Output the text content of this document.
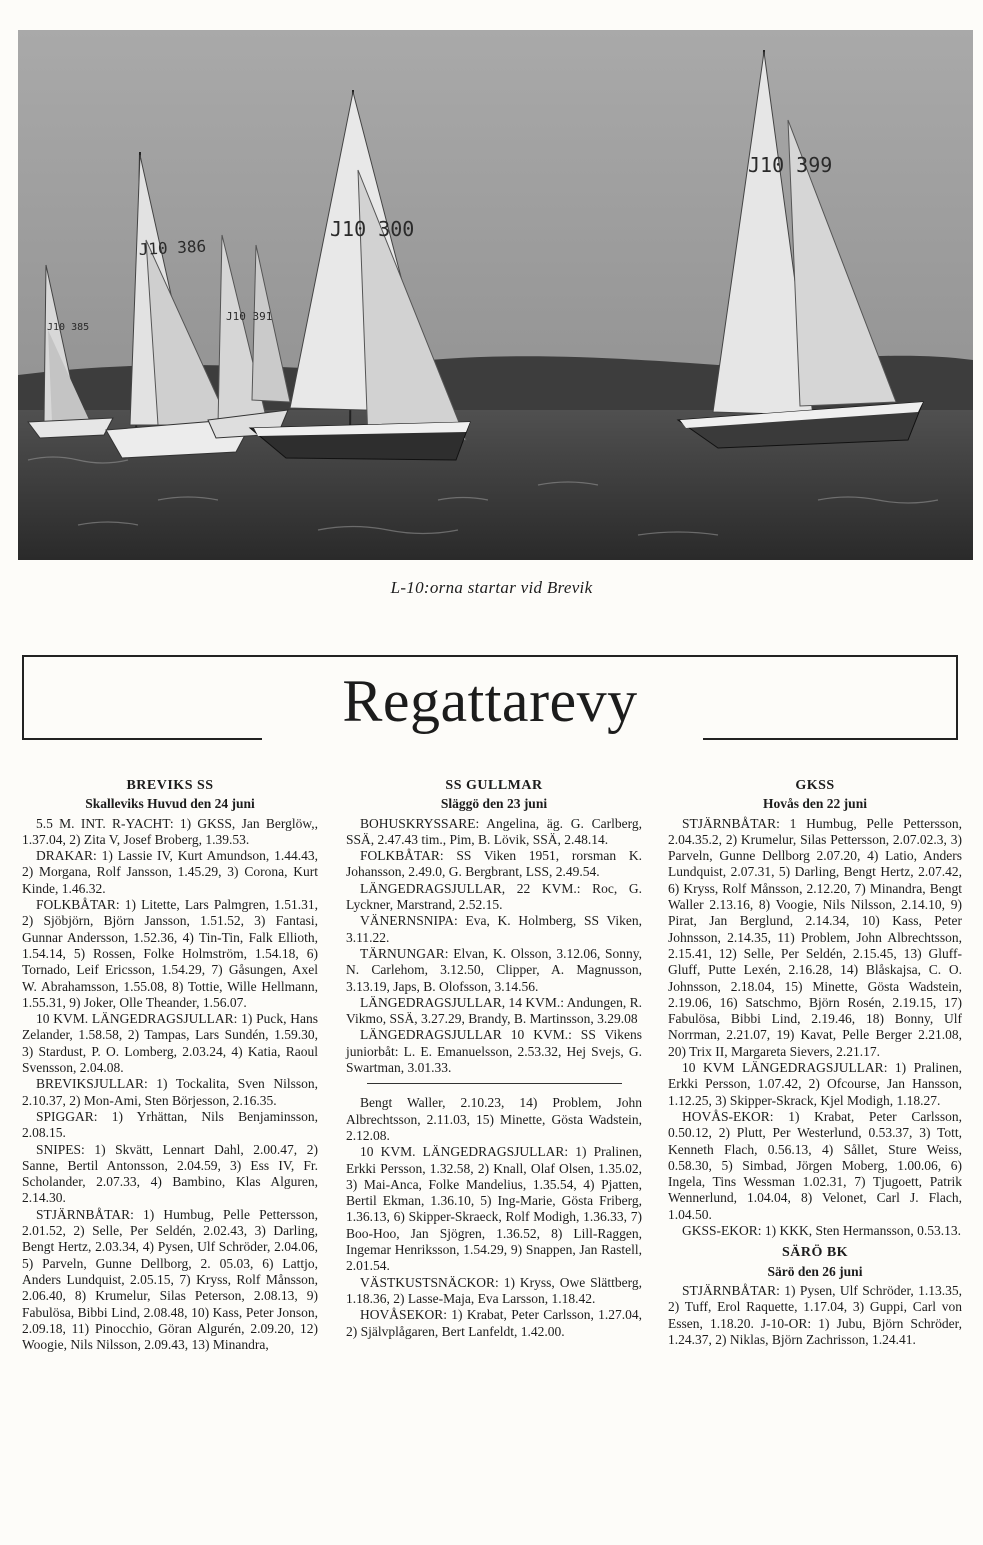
J10 386
J10 300
J10 391
J10 399
J10 385
L-10:orna startar vid Brevik
Regattarevy
BREVIKS SS
Skalleviks Huvud den 24 juni

5.5 M. INT. R-YACHT: 1) GKSS, Jan Berglöw,, 1.37.04, 2) Zita V, Josef Broberg, 1.39.53.

DRAKAR: 1) Lassie IV, Kurt Amundson, 1.44.43, 2) Morgana, Rolf Jansson, 1.45.29, 3) Corona, Kurt Kinde, 1.46.32.

FOLKBÅTAR: 1) Litette, Lars Palmgren, 1.51.31, 2) Sjöbjörn, Björn Jansson, 1.51.52, 3) Fantasi, Gunnar Andersson, 1.52.36, 4) Tin-Tin, Falk Ellioth, 1.54.14, 5) Rossen, Folke Holmström, 1.54.18, 6) Tornado, Leif Ericsson, 1.54.29, 7) Gåsungen, Axel W. Abrahamsson, 1.55.08, 8) Tottie, Wille Hellmann, 1.55.31, 9) Joker, Olle Theander, 1.56.07.

10 KVM. LÄNGEDRAGSJULLAR: 1) Puck, Hans Zelander, 1.58.58, 2) Tampas, Lars Sundén, 1.59.30, 3) Stardust, P. O. Lomberg, 2.03.24, 4) Katia, Raoul Svensson, 2.04.08.

BREVIKSJULLAR: 1) Tockalita, Sven Nilsson, 2.10.37, 2) Mon-Ami, Sten Börjesson, 2.16.35.

SPIGGAR: 1) Yrhättan, Nils Benjaminsson, 2.08.15.

SNIPES: 1) Skvätt, Lennart Dahl, 2.00.47, 2) Sanne, Bertil Antonsson, 2.04.59, 3) Ess IV, Fr. Scholander, 2.07.33, 4) Bambino, Klas Alguren, 2.14.30.

STJÄRNBÅTAR: 1) Humbug, Pelle Pettersson, 2.01.52, 2) Selle, Per Seldén, 2.02.43, 3) Darling, Bengt Hertz, 2.03.34, 4) Pysen, Ulf Schröder, 2.04.06, 5) Parveln, Gunne Dellborg, 2. 05.03, 6) Lattjo, Anders Lundquist, 2.05.15, 7) Kryss, Rolf Månsson, 2.06.40, 8) Krumelur, Silas Peterson, 2.08.13, 9) Fabulösa, Bibbi Lind, 2.08.48, 10) Kass, Peter Jonson, 2.09.18, 11) Pinocchio, Göran Algurén, 2.09.20, 12) Woogie, Nils Nilsson, 2.09.43, 13) Minandra,

SS GULLMAR
Släggö den 23 juni

BOHUSKRYSSARE: Angelina, äg. G. Carlberg, SSÄ, 2.47.43 tim., Pim, B. Lövik, SSÄ, 2.48.14.

FOLKBÅTAR: SS Viken 1951, rorsman K. Johansson, 2.49.0, G. Bergbrant, LSS, 2.49.54.

LÄNGEDRAGSJULLAR, 22 KVM.: Roc, G. Lyckner, Marstrand, 2.52.15.

VÄNERNSNIPA: Eva, K. Holmberg, SS Viken, 3.11.22.

TÄRNUNGAR: Elvan, K. Olsson, 3.12.06, Sonny, N. Carlehom, 3.12.50, Clipper, A. Magnusson, 3.13.19, Japs, B. Olofsson, 3.14.56.

LÄNGEDRAGSJULLAR, 14 KVM.: Andungen, R. Vikmo, SSÄ, 3.27.29, Brandy, B. Martinsson, 3.29.08

LÄNGEDRAGSJULLAR 10 KVM.: SS Vikens juniorbåt: L. E. Emanuelsson, 2.53.32, Hej Svejs, G. Swartman, 3.01.33.

Bengt Waller, 2.10.23, 14) Problem, John Albrechtsson, 2.11.03, 15) Minette, Gösta Wadstein, 2.12.08.

10 KVM. LÄNGEDRAGSJULLAR: 1) Pralinen, Erkki Persson, 1.32.58, 2) Knall, Olaf Olsen, 1.35.02, 3) Mai-Anca, Folke Mandelius, 1.35.54, 4) Pjatten, Bertil Ekman, 1.36.10, 5) Ing-Marie, Gösta Friberg, 1.36.13, 6) Skipper-Skraeck, Rolf Modigh, 1.36.33, 7) Boo-Hoo, Jan Sjögren, 1.36.52, 8) Lill-Raggen, Ingemar Henriksson, 1.54.29, 9) Snappen, Jan Rastell, 2.01.54.

VÄSTKUSTSNÄCKOR: 1) Kryss, Owe Slättberg, 1.18.36, 2) Lasse-Maja, Eva Larsson, 1.18.42.

HOVÅSEKOR: 1) Krabat, Peter Carlsson, 1.27.04, 2) Självplågaren, Bert Lanfeldt, 1.42.00.

GKSS
Hovås den 22 juni

STJÄRNBÅTAR: 1 Humbug, Pelle Pettersson, 2.04.35.2, 2) Krumelur, Silas Pettersson, 2.07.02.3, 3) Parveln, Gunne Dellborg 2.07.20, 4) Latio, Anders Lundquist, 2.07.31, 5) Darling, Bengt Hertz, 2.07.42, 6) Kryss, Rolf Månsson, 2.12.20, 7) Minandra, Bengt Waller 2.13.16, 8) Voogie, Nils Nilsson, 2.14.10, 9) Pirat, Jan Berglund, 2.14.34, 10) Kass, Peter Johnsson, 2.14.35, 11) Problem, John Albrechtsson, 2.15.41, 12) Selle, Per Seldén, 2.15.45, 13) Gluff-Gluff, Putte Lexén, 2.16.28, 14) Blåskajsa, C. O. Johnsson, 2.18.04, 15) Minette, Gösta Wadstein, 2.19.06, 16) Satschmo, Björn Rosén, 2.19.15, 17) Fabulösa, Bibbi Lind, 2.19.46, 18) Bonny, Ulf Norrman, 2.21.07, 19) Kavat, Pelle Berger 2.21.08, 20) Trix II, Margareta Sievers, 2.21.17.

10 KVM LÄNGEDRAGSJULLAR: 1) Pralinen, Erkki Persson, 1.07.42, 2) Ofcourse, Jan Hansson, 1.12.25, 3) Skipper-Skrack, Kjel Modigh, 1.18.27.

HOVÅS-EKOR: 1) Krabat, Peter Carlsson, 0.50.12, 2) Plutt, Per Westerlund, 0.53.37, 3) Tott, Kenneth Flach, 0.56.13, 4) Sållet, Sture Weiss, 0.58.30, 5) Simbad, Jörgen Moberg, 1.00.06, 6) Ingela, Tins Wessman 1.02.31, 7) Tjugoett, Patrik Wennerlund, 1.04.04, 8) Velonet, Carl J. Flach, 1.04.50.

GKSS-EKOR: 1) KKK, Sten Hermansson, 0.53.13.

SÄRÖ BK
Särö den 26 juni

STJÄRNBÅTAR: 1) Pysen, Ulf Schröder, 1.13.35, 2) Tuff, Erol Raquette, 1.17.04, 3) Guppi, Carl von Essen, 1.18.20. J-10-OR: 1) Jubu, Björn Schröder, 1.24.37, 2) Niklas, Björn Zachrisson, 1.24.41.
